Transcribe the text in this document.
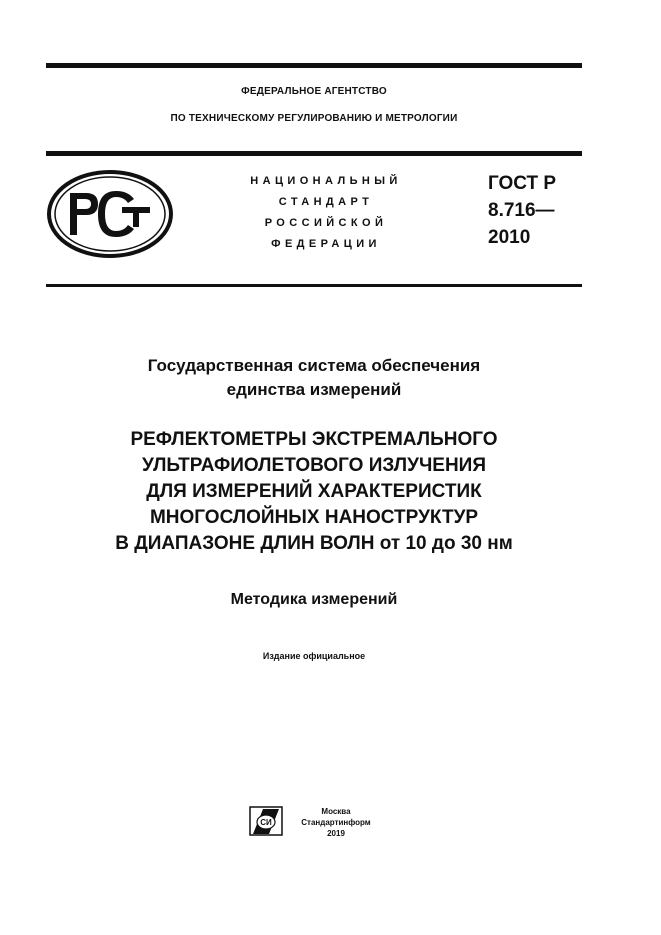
ФЕДЕРАЛЬНОЕ АГЕНТСТВО
ПО ТЕХНИЧЕСКОМУ РЕГУЛИРОВАНИЮ И МЕТРОЛОГИИ
НАЦИОНАЛЬНЫЙ
СТАНДАРТ
РОССИЙСКОЙ
ФЕДЕРАЦИИ
ГОСТ Р
8.716—
2010
Государственная система обеспечения
единства измерений
РЕФЛЕКТОМЕТРЫ ЭКСТРЕМАЛЬНОГО
УЛЬТРАФИОЛЕТОВОГО ИЗЛУЧЕНИЯ
ДЛЯ ИЗМЕРЕНИЙ ХАРАКТЕРИСТИК
МНОГОСЛОЙНЫХ НАНОСТРУКТУР
В ДИАПАЗОНЕ ДЛИН ВОЛН от 10 до 30 нм
Методика измерений
Издание официальное
СИ
Москва
Стандартинформ
2019
